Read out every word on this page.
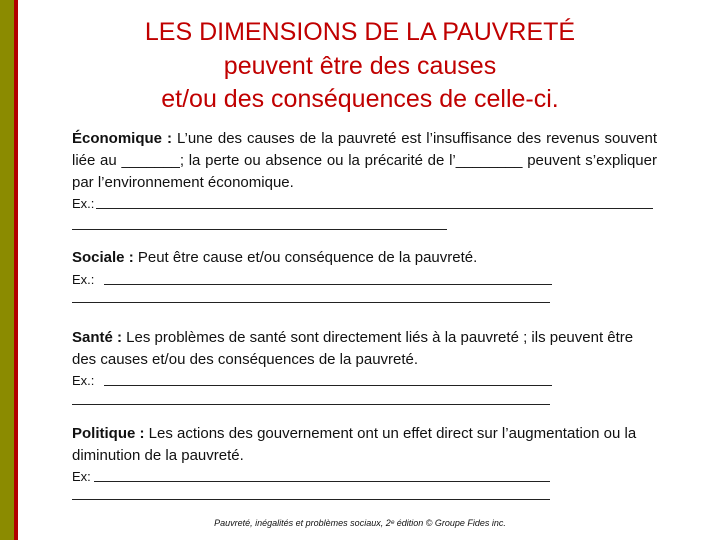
LES DIMENSIONS DE LA PAUVRETÉ
peuvent être des causes
et/ou des conséquences de celle-ci.

Économique : L’une des causes de la pauvreté est l’insuffisance des revenus souvent liée au _______; la perte ou absence ou la précarité de l’________ peuvent s’expliquer par l’environnement économique.

Ex.:

Sociale : Peut être cause et/ou conséquence de la pauvreté.

Ex.:

Santé : Les problèmes de santé sont directement liés à la pauvreté ; ils peuvent être des causes et/ou des conséquences de la pauvreté.

Ex.:

Politique : Les actions des gouvernement ont un effet direct sur l’augmentation ou la diminution de la pauvreté.

Ex:
Pauvreté, inégalités et problèmes sociaux, 2ᵉ édition © Groupe Fides inc.
